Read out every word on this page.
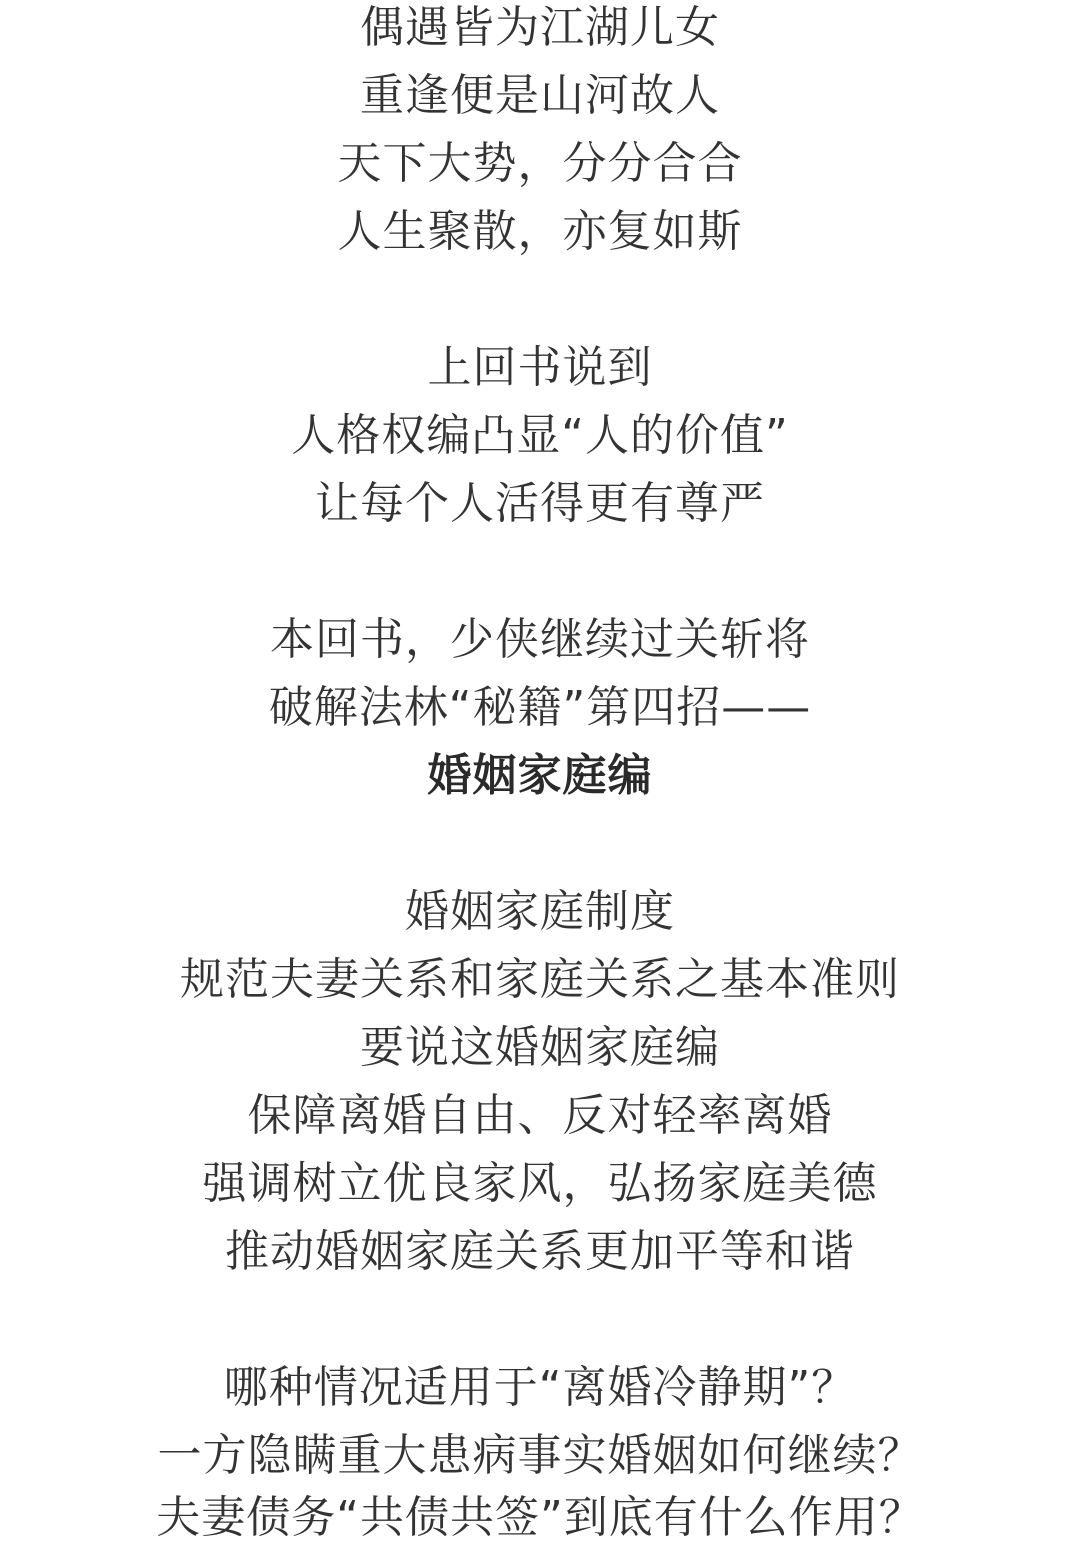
偶遇皆为江湖儿女
重逢便是山河故人
天下大势，分分合合
人生聚散，亦复如斯
上回书说到
人格权编凸显“人的价值”
让每个人活得更有尊严
本回书，少侠继续过关斩将
破解法林“秘籍”第四招——
婚姻家庭编
婚姻家庭制度
规范夫妻关系和家庭关系之基本准则
要说这婚姻家庭编
保障离婚自由、反对轻率离婚
强调树立优良家风，弘扬家庭美德
推动婚姻家庭关系更加平等和谐
哪种情况适用于“离婚冷静期”？
一方隐瞒重大患病事实婚姻如何继续？
夫妻债务“共债共签”到底有什么作用？
